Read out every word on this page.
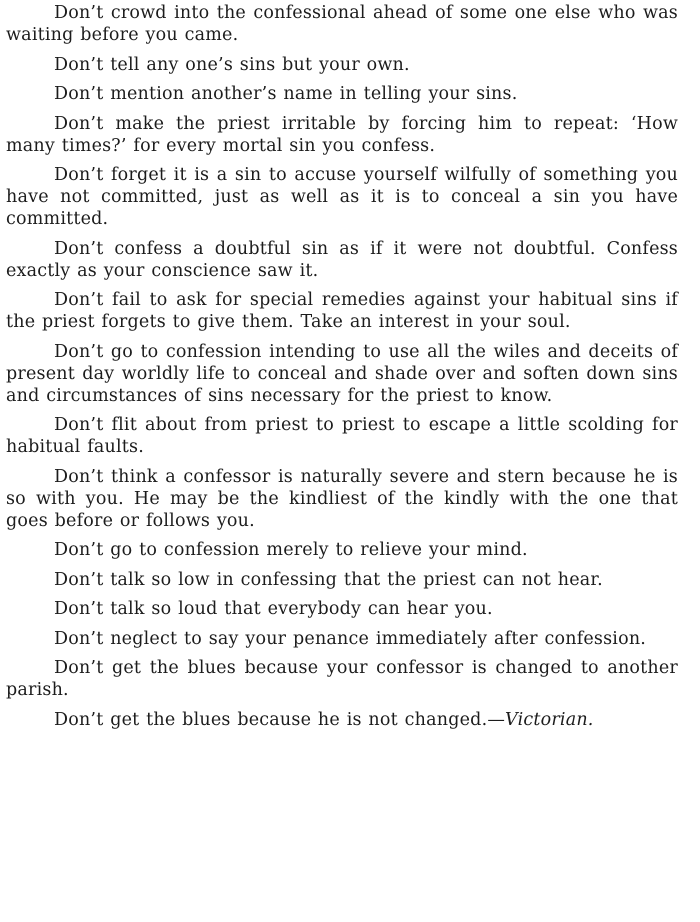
Don’t crowd into the confessional ahead of some one else who was waiting before you came.

Don’t tell any one’s sins but your own.

Don’t mention another’s name in telling your sins.

Don’t make the priest irritable by forcing him to repeat: ‘How many times?’ for every mortal sin you confess.

Don’t forget it is a sin to accuse yourself wilfully of something you have not committed, just as well as it is to conceal a sin you have committed.

Don’t confess a doubtful sin as if it were not doubtful. Confess exactly as your conscience saw it.

Don’t fail to ask for special remedies against your habitual sins if the priest forgets to give them. Take an interest in your soul.

Don’t go to confession intending to use all the wiles and deceits of present day worldly life to conceal and shade over and soften down sins and circumstances of sins necessary for the priest to know.

Don’t flit about from priest to priest to escape a little scolding for habitual faults.

Don’t think a confessor is naturally severe and stern because he is so with you. He may be the kindliest of the kindly with the one that goes before or follows you.

Don’t go to confession merely to relieve your mind.

Don’t talk so low in confessing that the priest can not hear.

Don’t talk so loud that everybody can hear you.

Don’t neglect to say your penance immediately after confession.

Don’t get the blues because your confessor is changed to another parish.

Don’t get the blues because he is not changed.—Victorian.
